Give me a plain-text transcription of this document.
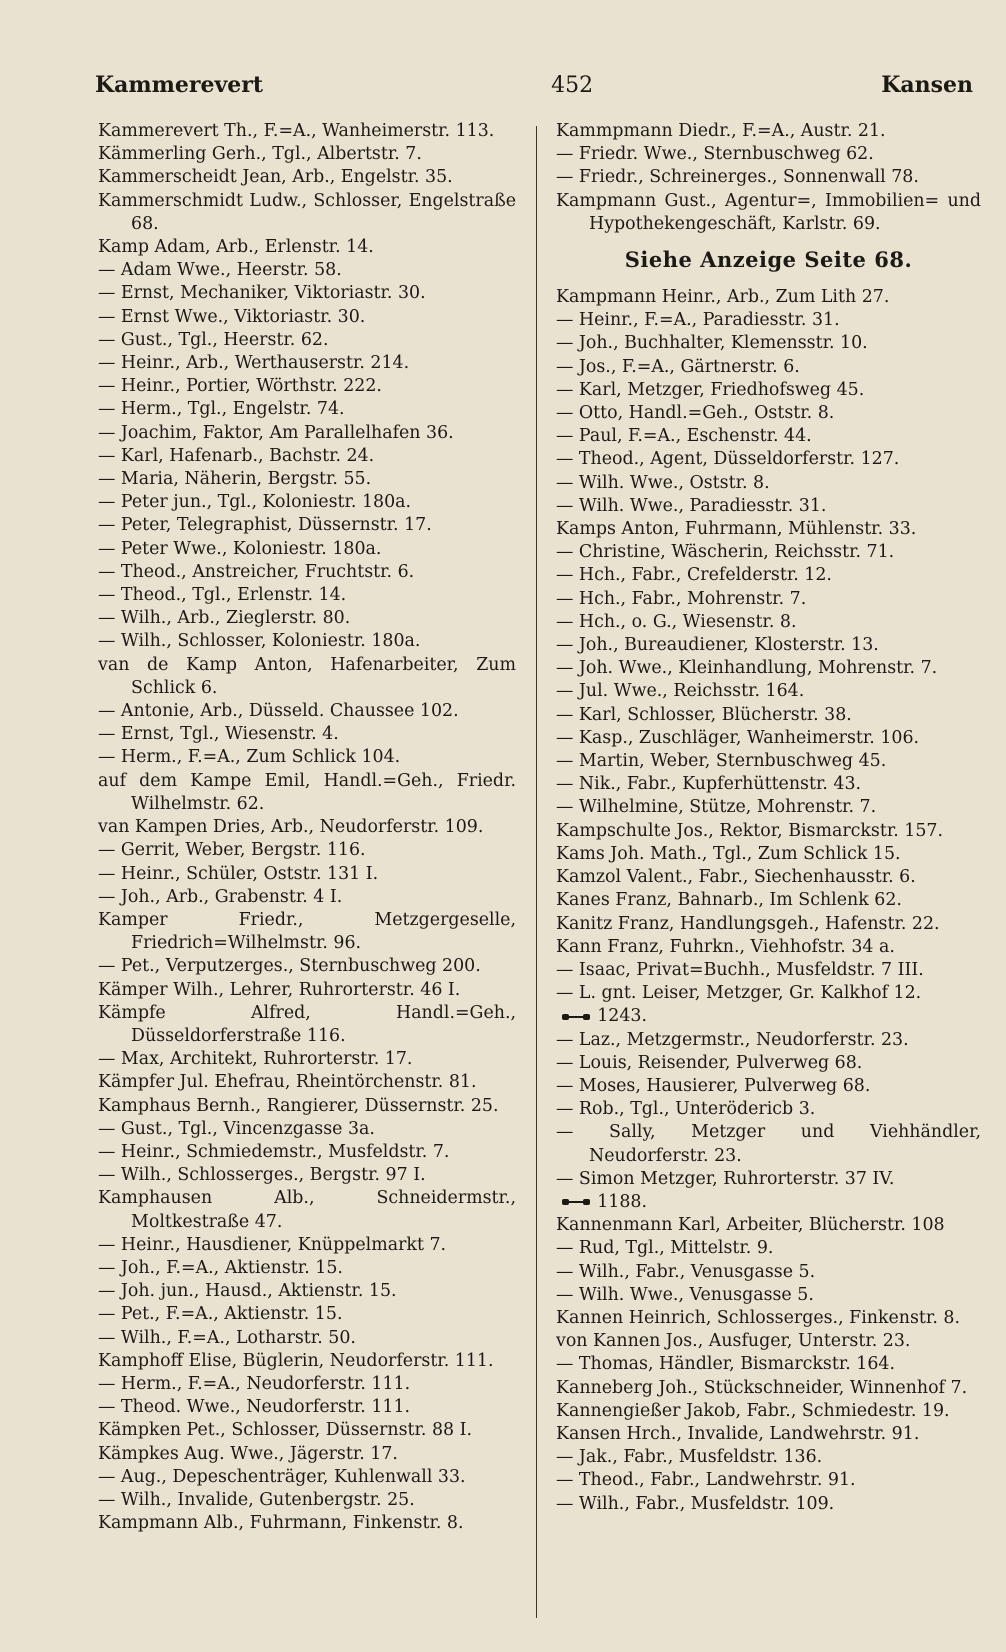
Kammerevert	452	Kansen
Kammerevert Th., F.=A., Wanheimerstr. 113.
Kämmerling Gerh., Tgl., Albertstr. 7.
Kammerscheidt Jean, Arb., Engelstr. 35.
Kammerschmidt Ludw., Schlosser, Engelstraße 68.
Kamp Adam, Arb., Erlenstr. 14.
— Adam Wwe., Heerstr. 58.
— Ernst, Mechaniker, Viktoriastr. 30.
— Ernst Wwe., Viktoriastr. 30.
— Gust., Tgl., Heerstr. 62.
— Heinr., Arb., Werthauserstr. 214.
— Heinr., Portier, Wörthstr. 222.
— Herm., Tgl., Engelstr. 74.
— Joachim, Faktor, Am Parallelhafen 36.
— Karl, Hafenarb., Bachstr. 24.
— Maria, Näherin, Bergstr. 55.
— Peter jun., Tgl., Koloniestr. 180a.
— Peter, Telegraphist, Düssernstr. 17.
— Peter Wwe., Koloniestr. 180a.
— Theod., Anstreicher, Fruchtstr. 6.
— Theod., Tgl., Erlenstr. 14.
— Wilh., Arb., Zieglerstr. 80.
— Wilh., Schlosser, Koloniestr. 180a.
van de Kamp Anton, Hafenarbeiter, Zum Schlick 6.
— Antonie, Arb., Düsseld. Chaussee 102.
— Ernst, Tgl., Wiesenstr. 4.
— Herm., F.=A., Zum Schlick 104.
auf dem Kampe Emil, Handl.=Geh., Friedr. Wilhelmstr. 62.
van Kampen Dries, Arb., Neudorferstr. 109.
— Gerrit, Weber, Bergstr. 116.
— Heinr., Schüler, Oststr. 131 I.
— Joh., Arb., Grabenstr. 4 I.
Kamper Friedr., Metzgergeselle, Friedrich=Wilhelmstr. 96.
— Pet., Verputzerges., Sternbuschweg 200.
Kämper Wilh., Lehrer, Ruhrorterstr. 46 I.
Kämpfe Alfred, Handl.=Geh., Düsseldorferstraße 116.
— Max, Architekt, Ruhrorterstr. 17.
Kämpfer Jul. Ehefrau, Rheintörchenstr. 81.
Kamphaus Bernh., Rangierer, Düssernstr. 25.
— Gust., Tgl., Vincenzgasse 3a.
— Heinr., Schmiedemstr., Musfeldstr. 7.
— Wilh., Schlosserges., Bergstr. 97 I.
Kamphausen Alb., Schneidermstr., Moltkestraße 47.
— Heinr., Hausdiener, Knüppelmarkt 7.
— Joh., F.=A., Aktienstr. 15.
— Joh. jun., Hausd., Aktienstr. 15.
— Pet., F.=A., Aktienstr. 15.
— Wilh., F.=A., Lotharstr. 50.
Kamphoff Elise, Büglerin, Neudorferstr. 111.
— Herm., F.=A., Neudorferstr. 111.
— Theod. Wwe., Neudorferstr. 111.
Kämpken Pet., Schlosser, Düssernstr. 88 I.
Kämpkes Aug. Wwe., Jägerstr. 17.
— Aug., Depeschenträger, Kuhlenwall 33.
— Wilh., Invalide, Gutenbergstr. 25.
Kampmann Alb., Fuhrmann, Finkenstr. 8.
Kammpmann Diedr., F.=A., Austr. 21.
— Friedr. Wwe., Sternbuschweg 62.
— Friedr., Schreinerges., Sonnenwall 78.
Kampmann Gust., Agentur=, Immobilien= und Hypothekengeschäft, Karlstr. 69.
Siehe Anzeige Seite 68.
Kampmann Heinr., Arb., Zum Lith 27.
— Heinr., F.=A., Paradiesstr. 31.
— Joh., Buchhalter, Klemensstr. 10.
— Jos., F.=A., Gärtnerstr. 6.
— Karl, Metzger, Friedhofsweg 45.
— Otto, Handl.=Geh., Oststr. 8.
— Paul, F.=A., Eschenstr. 44.
— Theod., Agent, Düsseldorferstr. 127.
— Wilh. Wwe., Oststr. 8.
— Wilh. Wwe., Paradiesstr. 31.
Kamps Anton, Fuhrmann, Mühlenstr. 33.
— Christine, Wäscherin, Reichsstr. 71.
— Hch., Fabr., Crefelderstr. 12.
— Hch., Fabr., Mohrenstr. 7.
— Hch., o. G., Wiesenstr. 8.
— Joh., Bureaudiener, Klosterstr. 13.
— Joh. Wwe., Kleinhandlung, Mohrenstr. 7.
— Jul. Wwe., Reichsstr. 164.
— Karl, Schlosser, Blücherstr. 38.
— Kasp., Zuschläger, Wanheimerstr. 106.
— Martin, Weber, Sternbuschweg 45.
— Nik., Fabr., Kupferhüttenstr. 43.
— Wilhelmine, Stütze, Mohrenstr. 7.
Kampschulte Jos., Rektor, Bismarckstr. 157.
Kams Joh. Math., Tgl., Zum Schlick 15.
Kamzol Valent., Fabr., Siechenhausstr. 6.
Kanes Franz, Bahnarb., Im Schlenk 62.
Kanitz Franz, Handlungsgeh., Hafenstr. 22.
Kann Franz, Fuhrkn., Viehhofstr. 34 a.
— Isaac, Privat=Buchh., Musfeldstr. 7 III.
— L. gnt. Leiser, Metzger, Gr. Kalkhof 12.
1243.
— Laz., Metzgermstr., Neudorferstr. 23.
— Louis, Reisender, Pulverweg 68.
— Moses, Hausierer, Pulverweg 68.
— Rob., Tgl., Unterödericb 3.
— Sally, Metzger und Viehhändler, Neudorferstr. 23.
— Simon Metzger, Ruhrorterstr. 37 IV.
1188.
Kannenmann Karl, Arbeiter, Blücherstr. 108
— Rud, Tgl., Mittelstr. 9.
— Wilh., Fabr., Venusgasse 5.
— Wilh. Wwe., Venusgasse 5.
Kannen Heinrich, Schlosserges., Finkenstr. 8.
von Kannen Jos., Ausfuger, Unterstr. 23.
— Thomas, Händler, Bismarckstr. 164.
Kanneberg Joh., Stückschneider, Winnenhof 7.
Kannengießer Jakob, Fabr., Schmiedestr. 19.
Kansen Hrch., Invalide, Landwehrstr. 91.
— Jak., Fabr., Musfeldstr. 136.
— Theod., Fabr., Landwehrstr. 91.
— Wilh., Fabr., Musfeldstr. 109.
